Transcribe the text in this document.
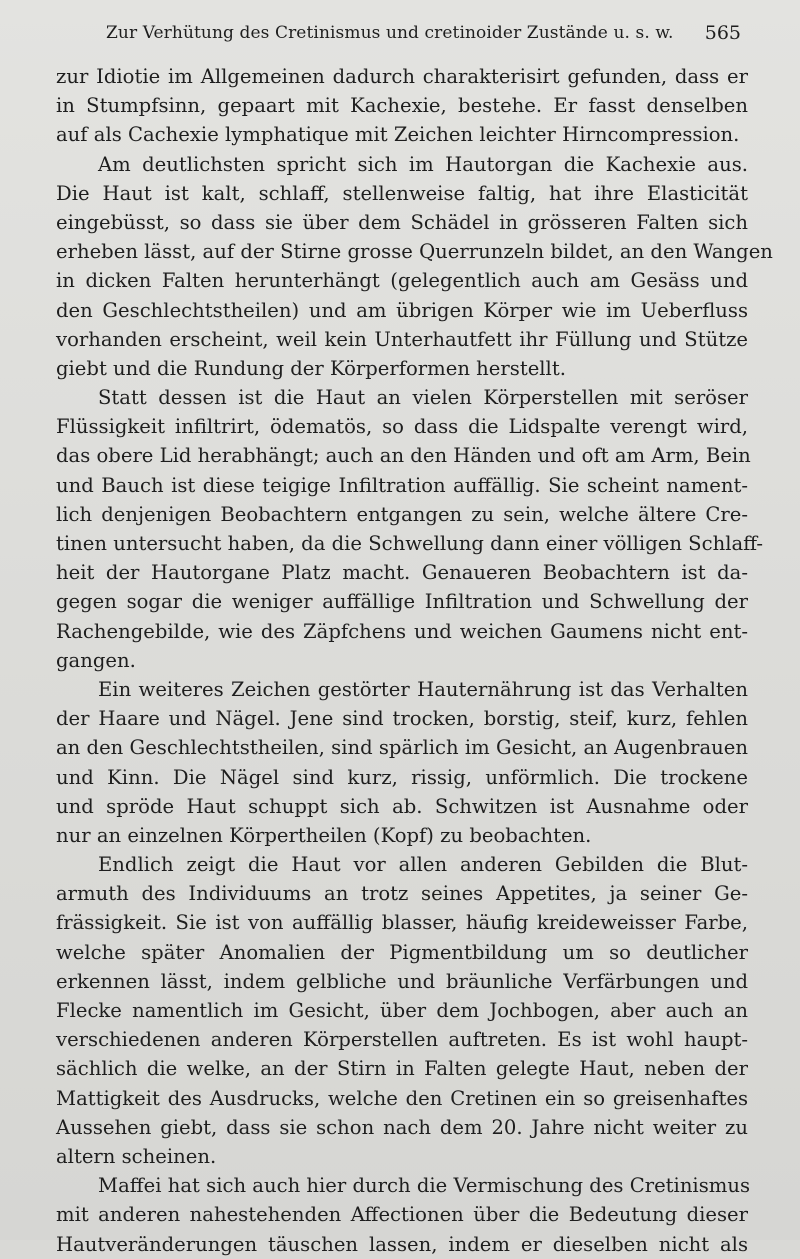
Zur Verhütung des Cretinismus und cretinoider Zustände u. s. w. 565
zur Idiotie im Allgemeinen dadurch charakterisirt gefunden, dass er
in Stumpfsinn, gepaart mit Kachexie, bestehe. Er fasst denselben
auf als Cachexie lymphatique mit Zeichen leichter Hirncompression.
Am deutlichsten spricht sich im Hautorgan die Kachexie aus.
Die Haut ist kalt, schlaff, stellenweise faltig, hat ihre Elasticität
eingebüsst, so dass sie über dem Schädel in grösseren Falten sich
erheben lässt, auf der Stirne grosse Querrunzeln bildet, an den Wangen
in dicken Falten herunterhängt (gelegentlich auch am Gesäss und
den Geschlechtstheilen) und am übrigen Körper wie im Ueberfluss
vorhanden erscheint, weil kein Unterhautfett ihr Füllung und Stütze
giebt und die Rundung der Körperformen herstellt.
Statt dessen ist die Haut an vielen Körperstellen mit seröser
Flüssigkeit infiltrirt, ödematös, so dass die Lidspalte verengt wird,
das obere Lid herabhängt; auch an den Händen und oft am Arm, Bein
und Bauch ist diese teigige Infiltration auffällig. Sie scheint nament-
lich denjenigen Beobachtern entgangen zu sein, welche ältere Cre-
tinen untersucht haben, da die Schwellung dann einer völligen Schlaff-
heit der Hautorgane Platz macht. Genaueren Beobachtern ist da-
gegen sogar die weniger auffällige Infiltration und Schwellung der
Rachengebilde, wie des Zäpfchens und weichen Gaumens nicht ent-
gangen.
Ein weiteres Zeichen gestörter Hauternährung ist das Verhalten
der Haare und Nägel. Jene sind trocken, borstig, steif, kurz, fehlen
an den Geschlechtstheilen, sind spärlich im Gesicht, an Augenbrauen
und Kinn. Die Nägel sind kurz, rissig, unförmlich. Die trockene
und spröde Haut schuppt sich ab. Schwitzen ist Ausnahme oder
nur an einzelnen Körpertheilen (Kopf) zu beobachten.
Endlich zeigt die Haut vor allen anderen Gebilden die Blut-
armuth des Individuums an trotz seines Appetites, ja seiner Ge-
frässigkeit. Sie ist von auffällig blasser, häufig kreideweisser Farbe,
welche später Anomalien der Pigmentbildung um so deutlicher
erkennen lässt, indem gelbliche und bräunliche Verfärbungen und
Flecke namentlich im Gesicht, über dem Jochbogen, aber auch an
verschiedenen anderen Körperstellen auftreten. Es ist wohl haupt-
sächlich die welke, an der Stirn in Falten gelegte Haut, neben der
Mattigkeit des Ausdrucks, welche den Cretinen ein so greisenhaftes
Aussehen giebt, dass sie schon nach dem 20. Jahre nicht weiter zu
altern scheinen.
Maffei hat sich auch hier durch die Vermischung des Cretinismus
mit anderen nahestehenden Affectionen über die Bedeutung dieser
Hautveränderungen täuschen lassen, indem er dieselben nicht als
